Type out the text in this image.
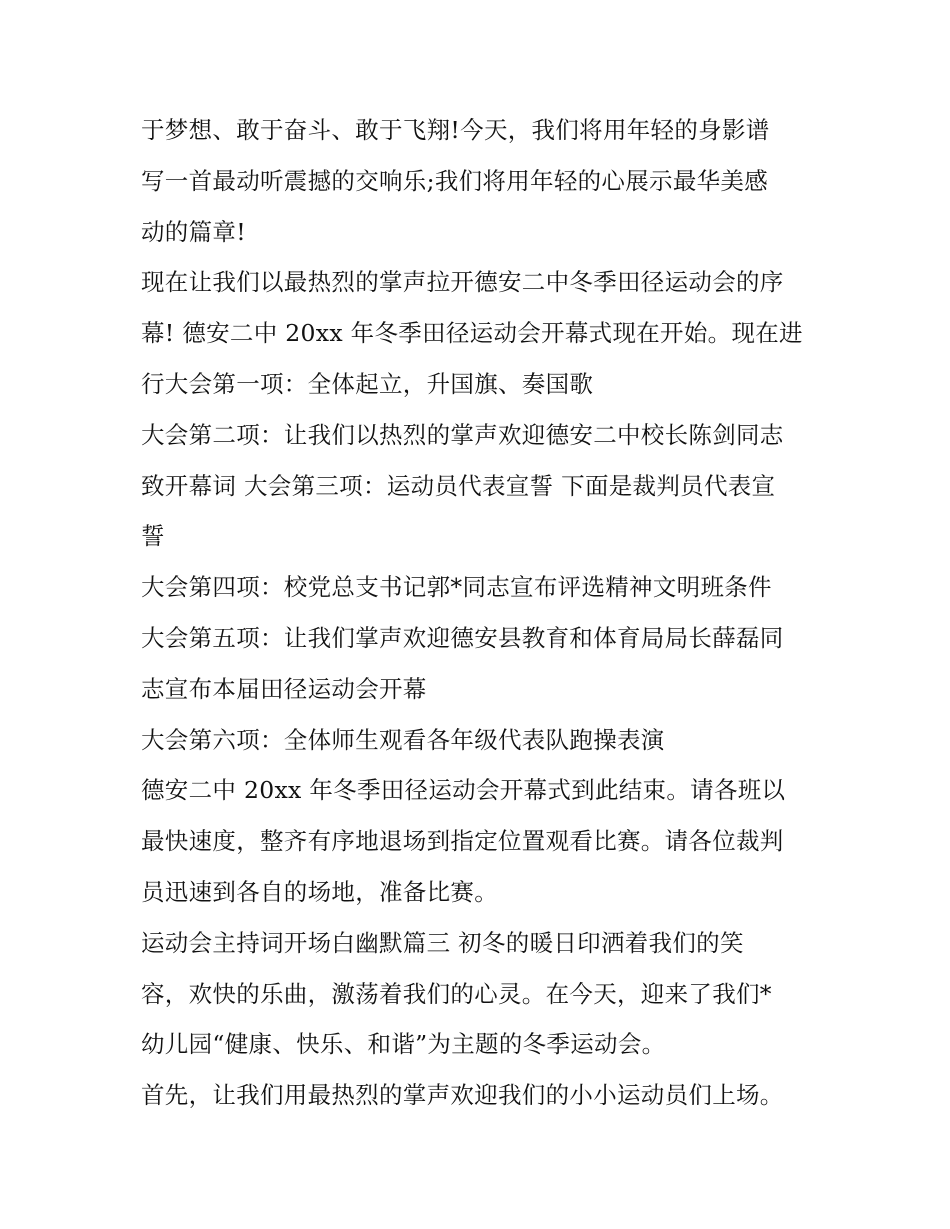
于梦想、敢于奋斗、敢于飞翔!今天，我们将用年轻的身影谱
写一首最动听震撼的交响乐;我们将用年轻的心展示最华美感
动的篇章!
现在让我们以最热烈的掌声拉开德安二中冬季田径运动会的序
幕! 德安二中 20xx 年冬季田径运动会开幕式现在开始。现在进
行大会第一项：全体起立，升国旗、奏国歌
大会第二项：让我们以热烈的掌声欢迎德安二中校长陈剑同志
致开幕词 大会第三项：运动员代表宣誓 下面是裁判员代表宣
誓
大会第四项：校党总支书记郭*同志宣布评选精神文明班条件
大会第五项：让我们掌声欢迎德安县教育和体育局局长薛磊同
志宣布本届田径运动会开幕
大会第六项：全体师生观看各年级代表队跑操表演
德安二中 20xx 年冬季田径运动会开幕式到此结束。请各班以
最快速度，整齐有序地退场到指定位置观看比赛。请各位裁判
员迅速到各自的场地，准备比赛。
运动会主持词开场白幽默篇三 初冬的暖日印洒着我们的笑
容，欢快的乐曲，激荡着我们的心灵。在今天，迎来了我们*
幼儿园“健康、快乐、和谐”为主题的冬季运动会。
首先，让我们用最热烈的掌声欢迎我们的小小运动员们上场。
